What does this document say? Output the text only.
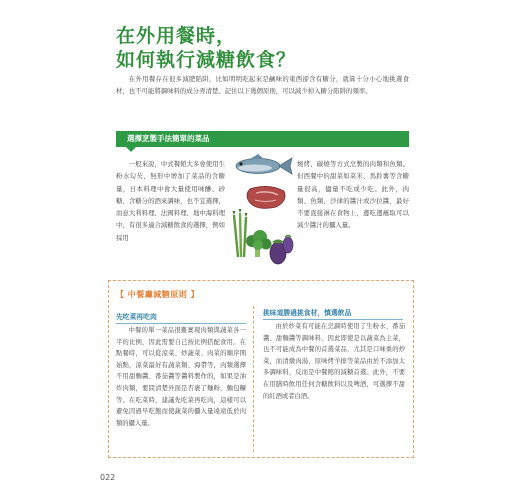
在外用餐時，
如何執行減糖飲食？

在外用餐存在很多減肥陷阱，比如明明吃起來是鹹味的東西卻含有糖分，就算十分小心地挑選食材，也不可能將調味料的成分弄清楚。記住以下幾個原則，可以減少掉入糖分陷阱的頻率。

選擇烹製手法簡單的菜品

一般來說，中式餐館大多會使用生粉水勾芡，無形中增加了菜品的含糖量，日本料理中會大量使用味醂、砂糖、含糖分的酒來調味，也不宜選擇，而意大利料理、法國料理、地中海料理中，有很多適合減糖飲食的選擇，例如採用

燒烤、碳燒等方式烹製的肉類和魚類。但西餐中的甜菜如菜米、馬鈴薯等含糖量很高，儘量不吃或少吃。此外，肉類、魚類、沙律的醬汁或沙拉醬，最好不要直接淋在食物上，邊吃邊蘸取可以減少醬汁的攝入量。

【 中餐廳減糖原則 】
先吃菜再吃肉

中餐的單一菜品很難實現肉類與蔬菜各一半的比例，因此需要自己按比例搭配食用。在點餐時，可以從涼菜、炒蔬菜、肉菜的順序開始點，涼菜最好有蔬菜類、海帶等，肉類選擇不用甜麵醬、番茄醬等醬料製作的，如果是油炸肉類，要問清楚外面是否裹了麵粉、麵包糠等。在吃菜時，建議先吃菜再吃肉，這樣可以避免因過早吃飽而使蔬菜的攝入量遠遠低於肉類的攝入量。

挑味道勝過挑食材，慎選飲品

由於炒菜有可能在烹調時使用了生粉水、番茄醬、甜麵醬等調味料，因此即使是以蔬菜為主菜，也不可能成為中餐的首選菜品，尤其是口味重的炒菜，而清燉肉湯，原味烤羊排等菜品由於不添加太多調味料，反而是中餐館的減糖首選。此外，不要在用膳時飲用任何含糖飲料以及啤酒，可選擇不甜的紅酒或者白酒。

022
